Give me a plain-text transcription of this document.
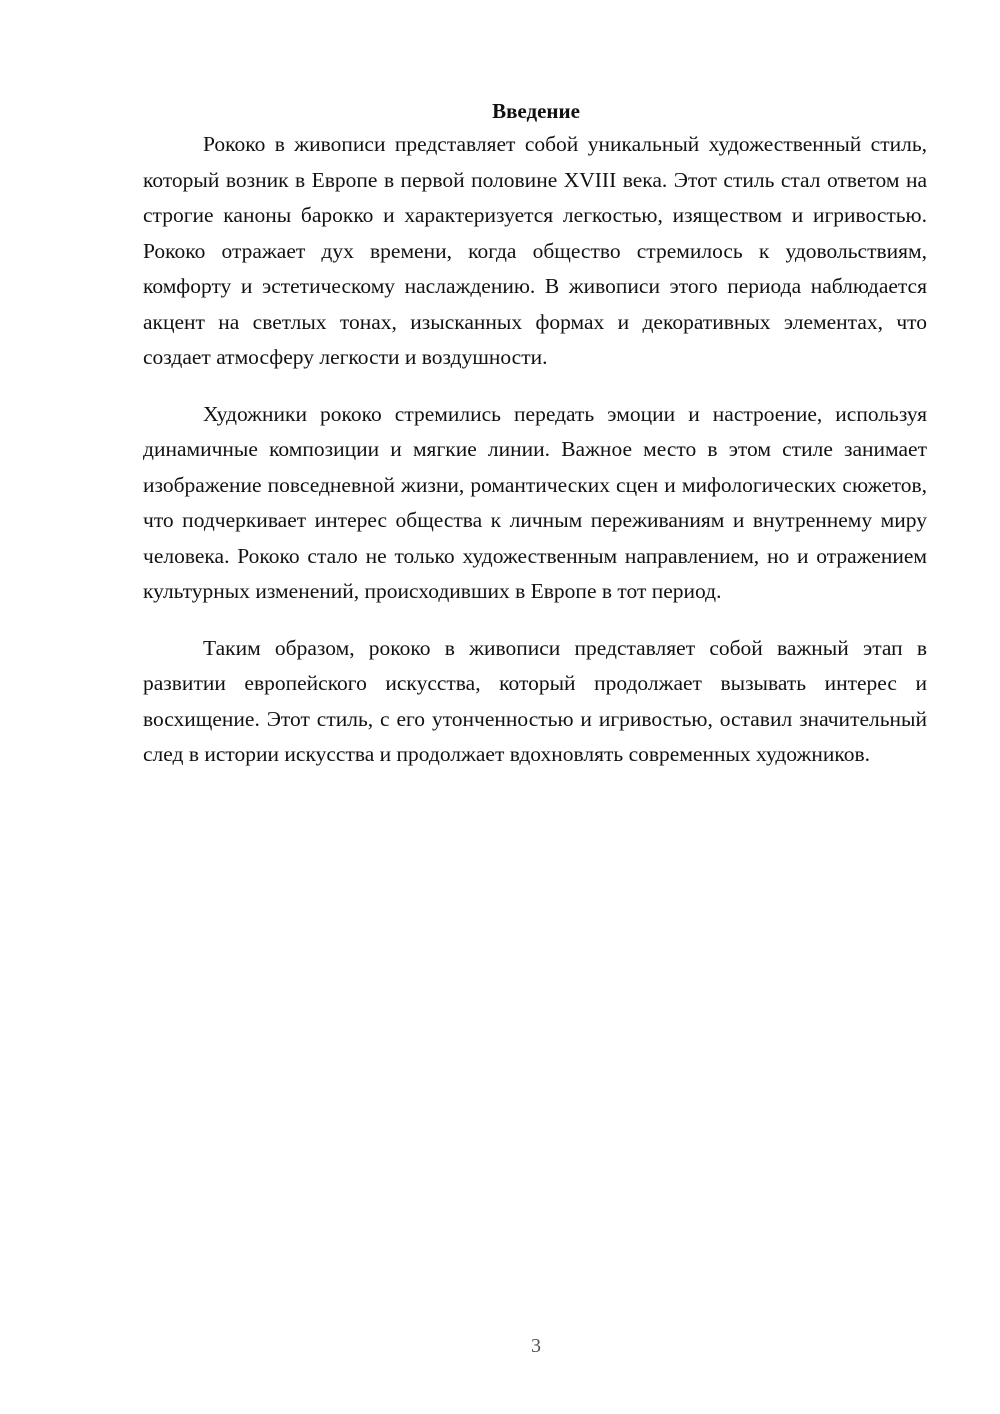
Введение

Рококо в живописи представляет собой уникальный художественный стиль, который возник в Европе в первой половине XVIII века. Этот стиль стал ответом на строгие каноны барокко и характеризуется легкостью, изяществом и игривостью. Рококо отражает дух времени, когда общество стремилось к удовольствиям, комфорту и эстетическому наслаждению. В живописи этого периода наблюдается акцент на светлых тонах, изысканных формах и декоративных элементах, что создает атмосферу легкости и воздушности.

Художники рококо стремились передать эмоции и настроение, используя динамичные композиции и мягкие линии. Важное место в этом стиле занимает изображение повседневной жизни, романтических сцен и мифологических сюжетов, что подчеркивает интерес общества к личным переживаниям и внутреннему миру человека. Рококо стало не только художественным направлением, но и отражением культурных изменений, происходивших в Европе в тот период.

Таким образом, рококо в живописи представляет собой важный этап в развитии европейского искусства, который продолжает вызывать интерес и восхищение. Этот стиль, с его утонченностью и игривостью, оставил значительный след в истории искусства и продолжает вдохновлять современных художников.

3
